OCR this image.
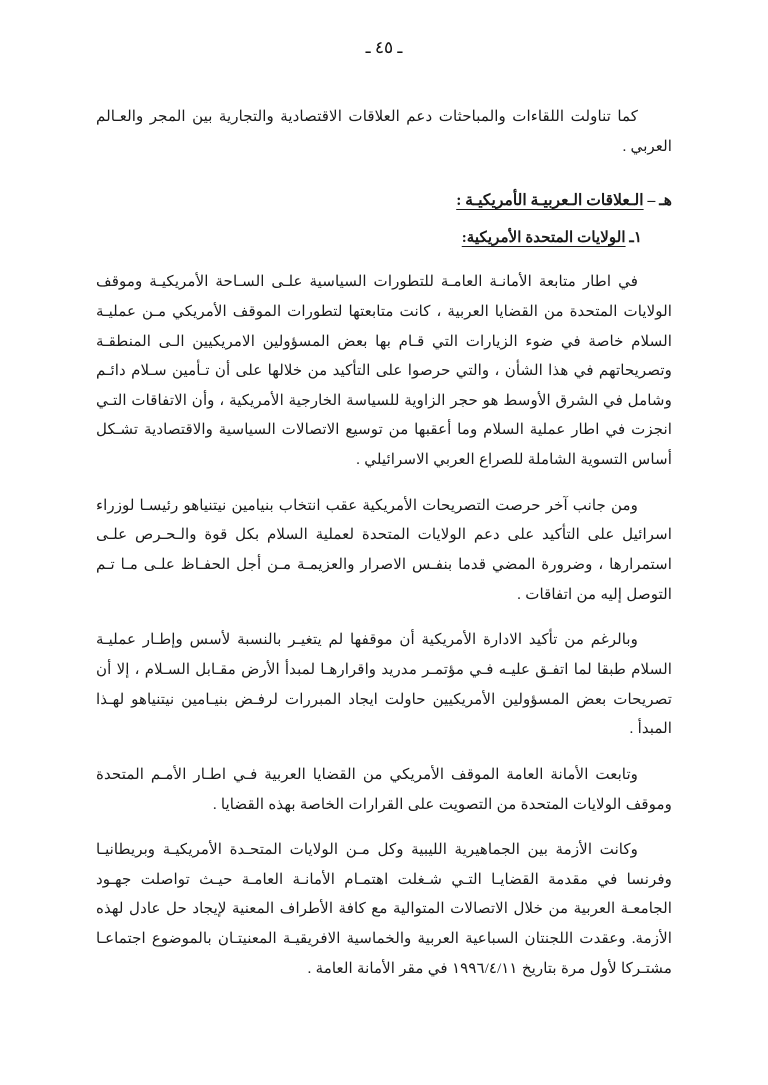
ـ ٤٥ ـ

كما تناولت اللقاءات والمباحثات دعم العلاقات الاقتصادية والتجارية بين المجر والعـالم العربي .

هـ – الـعلاقات الـعربيـة الأمريكيـة :
١ـ الولايات المتحدة الأمريكية:

في اطار متابعة الأمانـة العامـة للتطورات السياسية علـى السـاحة الأمريكيـة وموقف الولايات المتحدة من القضايا العربية ، كانت متابعتها لتطورات الموقف الأمريكي مـن عمليـة السلام خاصة في ضوء الزيارات التي قـام بها بعض المسؤولين الامريكيين الـى المنطقـة وتصريحاتهم في هذا الشأن ، والتي حرصوا على التأكيد من خلالها على أن تـأمين سـلام دائـم وشامل في الشرق الأوسط هو حجر الزاوية للسياسة الخارجية الأمريكية ، وأن الاتفاقات التـي انجزت في اطار عملية السلام وما أعقبها من توسيع الاتصالات السياسية والاقتصادية تشـكل أساس التسوية الشاملة للصراع العربي الاسرائيلي .

ومن جانب آخر حرصت التصريحات الأمريكية عقب انتخاب بنيامين نيتنياهو رئيسـا لوزراء اسرائيل على التأكيد على دعم الولايات المتحدة لعملية السلام بكل قوة والـحـرص علـى استمرارها ، وضرورة المضي قدما بنفـس الاصرار والعزيمـة مـن أجل الحفـاظ علـى مـا تـم التوصل إليه من اتفاقات .

وبالرغم من تأكيد الادارة الأمريكية أن موقفها لم يتغيـر بالنسبة لأسس وإطـار عمليـة السلام طبقا لما اتفـق عليـه فـي مؤتمـر مدريد واقرارهـا لمبدأ الأرض مقـابل السـلام ، إلا أن تصريحات بعض المسؤولين الأمريكيين حاولت ايجاد المبررات لرفـض بنيـامين نيتنياهو لهـذا المبدأ .

وتابعت الأمانة العامة الموقف الأمريكي من القضايا العربية فـي اطـار الأمـم المتحدة وموقف الولايات المتحدة من التصويت على القرارات الخاصة بهذه القضايا .

وكانت الأزمة بين الجماهيرية الليبية وكل مـن الولايات المتحـدة الأمريكيـة وبريطانيـا وفرنسا في مقدمة القضايـا التـي شـغلت اهتمـام الأمانـة العامـة حيـث تواصلت جهـود الجامعـة العربية من خلال الاتصالات المتوالية مع كافة الأطراف المعنية لإيجاد حل عادل لهذه الأزمة. وعقدت اللجنتان السباعية العربية والخماسية الافريقيـة المعنيتـان بالموضوع اجتماعـا مشتـركا لأول مرة بتاريخ ١٩٩٦/٤/١١ في مقر الأمانة العامة .
